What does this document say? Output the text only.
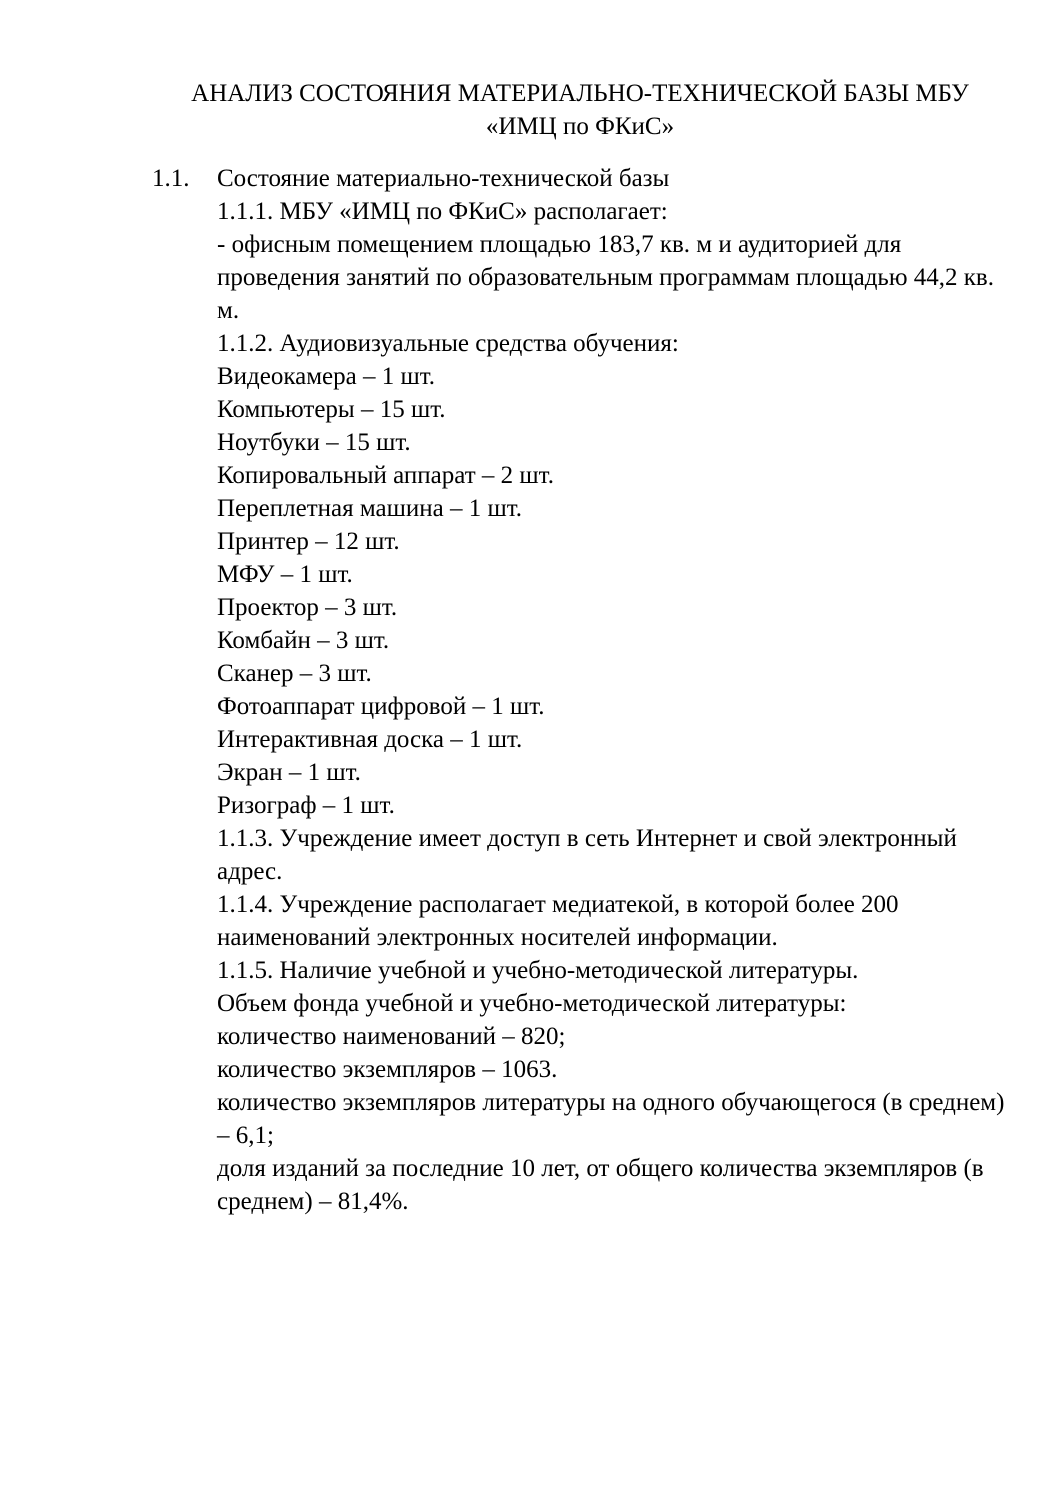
АНАЛИЗ СОСТОЯНИЯ МАТЕРИАЛЬНО-ТЕХНИЧЕСКОЙ БАЗЫ МБУ
«ИМЦ по ФКиС»
1.1. Состояние материально-технической базы
1.1.1. МБУ «ИМЦ по ФКиС» располагает:
- офисным помещением площадью 183,7 кв. м и аудиторией для
проведения занятий по образовательным программам площадью 44,2 кв.
м.
1.1.2. Аудиовизуальные средства обучения:
Видеокамера – 1 шт.
Компьютеры – 15 шт.
Ноутбуки – 15 шт.
Копировальный аппарат – 2 шт.
Переплетная машина – 1 шт.
Принтер – 12 шт.
МФУ – 1 шт.
Проектор – 3 шт.
Комбайн – 3 шт.
Сканер – 3 шт.
Фотоаппарат цифровой – 1 шт.
Интерактивная доска – 1 шт.
Экран – 1 шт.
Ризограф – 1 шт.
1.1.3. Учреждение имеет доступ в сеть Интернет и свой электронный
адрес.
1.1.4. Учреждение располагает медиатекой, в которой более 200
наименований электронных носителей информации.
1.1.5. Наличие учебной и учебно-методической литературы.
Объем фонда учебной и учебно-методической литературы:
количество наименований – 820;
количество экземпляров – 1063.
количество экземпляров литературы на одного обучающегося (в среднем)
– 6,1;
доля изданий за последние 10 лет, от общего количества экземпляров (в
среднем) – 81,4%.
